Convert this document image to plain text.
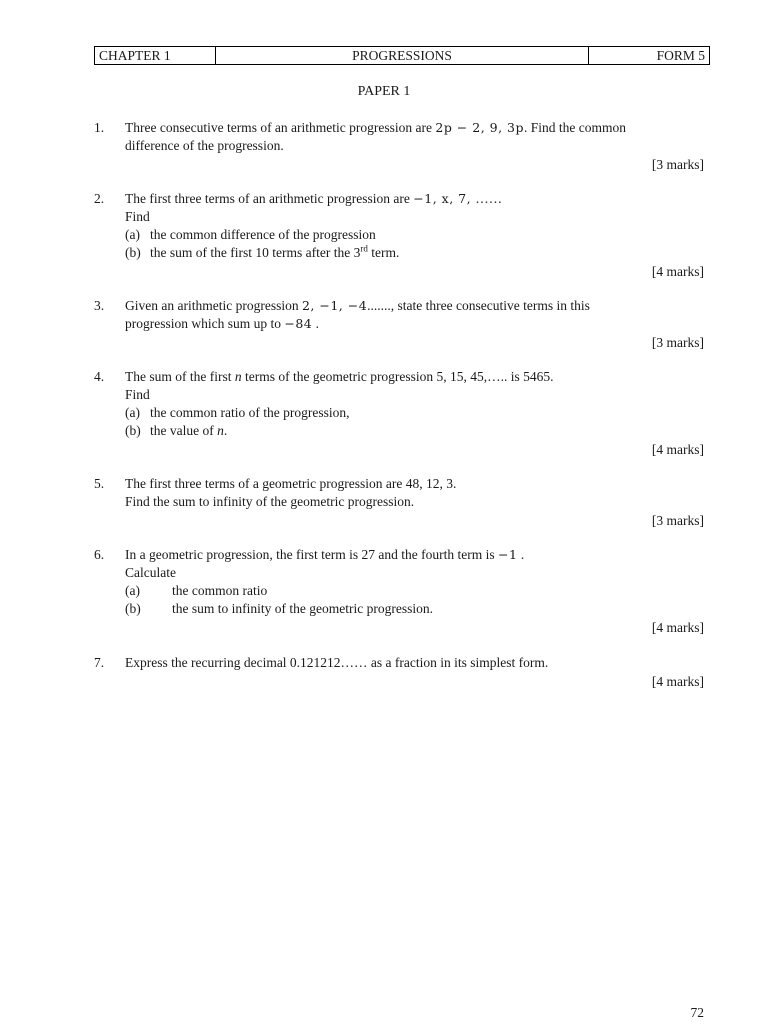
CHAPTER 1	PROGRESSIONS	FORM 5
PAPER 1
1. Three consecutive terms of an arithmetic progression are 2p − 2, 9, 3p. Find the common
difference of the progression.
[3 marks]
2. The first three terms of an arithmetic progression are −1, x, 7, ......
Find
(a) the common difference of the progression
(b) the sum of the first 10 terms after the 3rd term.
[4 marks]
3. Given an arithmetic progression 2, −1, −4......., state three consecutive terms in this
progression which sum up to −84 .
[3 marks]
4. The sum of the first n terms of the geometric progression 5, 15, 45,….. is 5465.
Find
(a) the common ratio of the progression,
(b) the value of n.
[4 marks]
5. The first three terms of a geometric progression are 48, 12, 3.
Find the sum to infinity of the geometric progression.
[3 marks]
6. In a geometric progression, the first term is 27 and the fourth term is −1 .
Calculate
(a)	the common ratio
(b)	the sum to infinity of the geometric progression.
[4 marks]
7. Express the recurring decimal 0.121212…… as a fraction in its simplest form.
[4 marks]
72
